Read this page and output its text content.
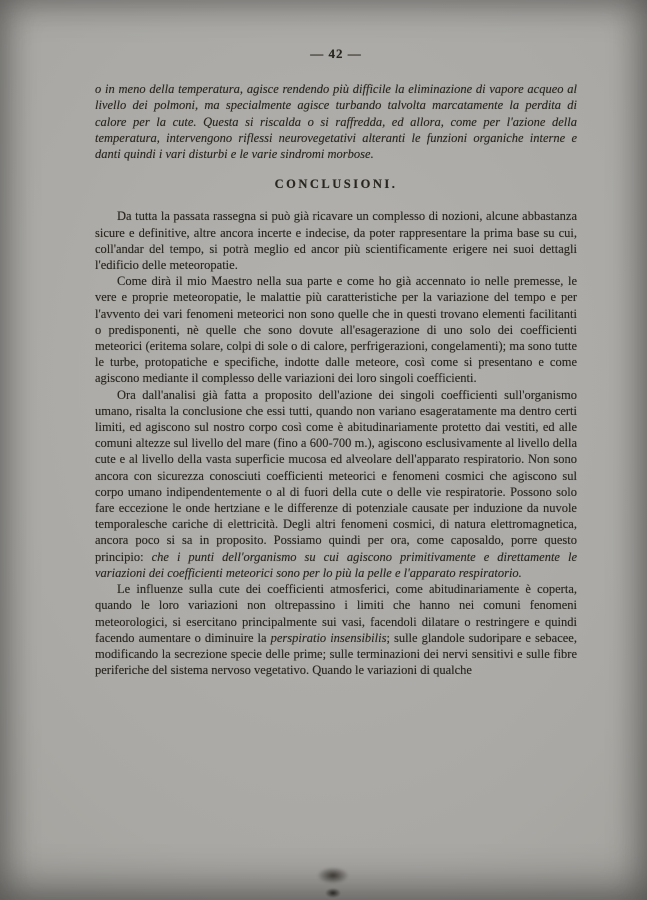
— 42 —

o in meno della temperatura, agisce rendendo più difficile la eliminazione di vapore acqueo al livello dei polmoni, ma specialmente agisce turbando talvolta marcatamente la perdita di calore per la cute. Questa si riscalda o si raffredda, ed allora, come per l'azione della temperatura, intervengono riflessi neurovegetativi alteranti le funzioni organiche interne e danti quindi i vari disturbi e le varie sindromi morbose.

CONCLUSIONI.

Da tutta la passata rassegna si può già ricavare un complesso di nozioni, alcune abbastanza sicure e definitive, altre ancora incerte e indecise, da poter rappresentare la prima base su cui, coll'andar del tempo, si potrà meglio ed ancor più scientificamente erigere nei suoi dettagli l'edificio delle meteoropatie.

Come dirà il mio Maestro nella sua parte e come ho già accennato io nelle premesse, le vere e proprie meteoropatie, le malattie più caratteristiche per la variazione del tempo e per l'avvento dei vari fenomeni meteorici non sono quelle che in questi trovano elementi facilitanti o predisponenti, nè quelle che sono dovute all'esagerazione di uno solo dei coefficienti meteorici (eritema solare, colpi di sole o di calore, perfrigerazioni, congelamenti); ma sono tutte le turbe, protopatiche e specifiche, indotte dalle meteore, così come si presentano e come agiscono mediante il complesso delle variazioni dei loro singoli coefficienti.

Ora dall'analisi già fatta a proposito dell'azione dei singoli coefficienti sull'organismo umano, risalta la conclusione che essi tutti, quando non variano esageratamente ma dentro certi limiti, ed agiscono sul nostro corpo così come è abitudinariamente protetto dai vestiti, ed alle comuni altezze sul livello del mare (fino a 600-700 m.), agiscono esclusivamente al livello della cute e al livello della vasta superficie mucosa ed alveolare dell'apparato respiratorio. Non sono ancora con sicurezza conosciuti coefficienti meteorici e fenomeni cosmici che agiscono sul corpo umano indipendentemente o al di fuori della cute o delle vie respiratorie. Possono solo fare eccezione le onde hertziane e le differenze di potenziale causate per induzione da nuvole temporalesche cariche di elettricità. Degli altri fenomeni cosmici, di natura elettromagnetica, ancora poco si sa in proposito. Possiamo quindi per ora, come caposaldo, porre questo principio: che i punti dell'organismo su cui agiscono primitivamente e direttamente le variazioni dei coefficienti meteorici sono per lo più la pelle e l'apparato respiratorio.

Le influenze sulla cute dei coefficienti atmosferici, come abitudinariamente è coperta, quando le loro variazioni non oltrepassino i limiti che hanno nei comuni fenomeni meteorologici, si esercitano principalmente sui vasi, facendoli dilatare o restringere e quindi facendo aumentare o diminuire la perspiratio insensibilis; sulle glandole sudoripare e sebacee, modificando la secrezione specie delle prime; sulle terminazioni dei nervi sensitivi e sulle fibre periferiche del sistema nervoso vegetativo. Quando le variazioni di qualche
